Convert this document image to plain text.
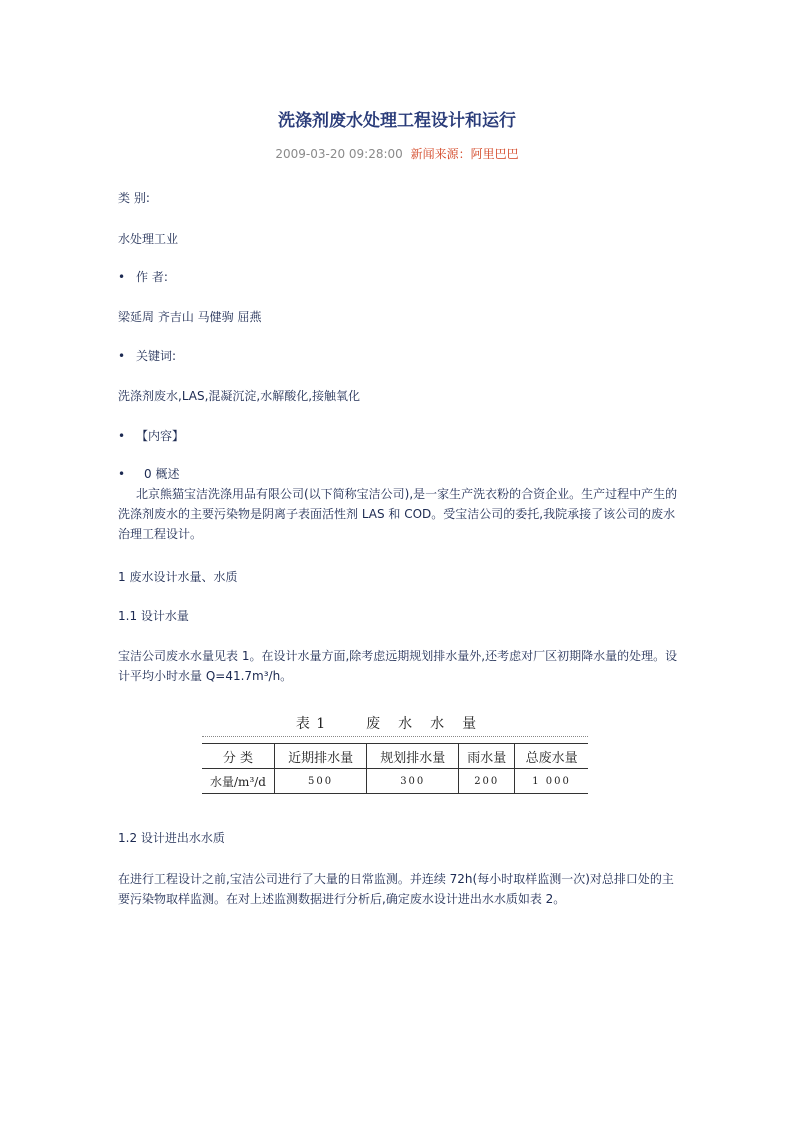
洗涤剂废水处理工程设计和运行
2009-03-20 09:28:00 新闻来源：阿里巴巴
类 别:
水处理工业
• 作 者:
梁延周 齐吉山 马健驹 屈燕
• 关键词:
洗涤剂废水,LAS,混凝沉淀,水解酸化,接触氧化
• 【内容】
• 0 概述
北京熊猫宝洁洗涤用品有限公司(以下简称宝洁公司),是一家生产洗衣粉的合资企业。生产过程中产生的洗涤剂废水的主要污染物是阴离子表面活性剂 LAS 和 COD。受宝洁公司的委托,我院承接了该公司的废水治理工程设计。
1 废水设计水量、水质
1.1 设计水量
宝洁公司废水水量见表 1。在设计水量方面,除考虑远期规划排水量外,还考虑对厂区初期降水量的处理。设计平均小时水量 Q=41.7m³/h。
表 1	废水水量
分 类	近期排水量	规划排水量	雨水量	总废水量
水量/m³/d	500	300	200	1 000
1.2 设计进出水水质
在进行工程设计之前,宝洁公司进行了大量的日常监测。并连续 72h(每小时取样监测一次)对总排口处的主要污染物取样监测。在对上述监测数据进行分析后,确定废水设计进出水水质如表 2。
